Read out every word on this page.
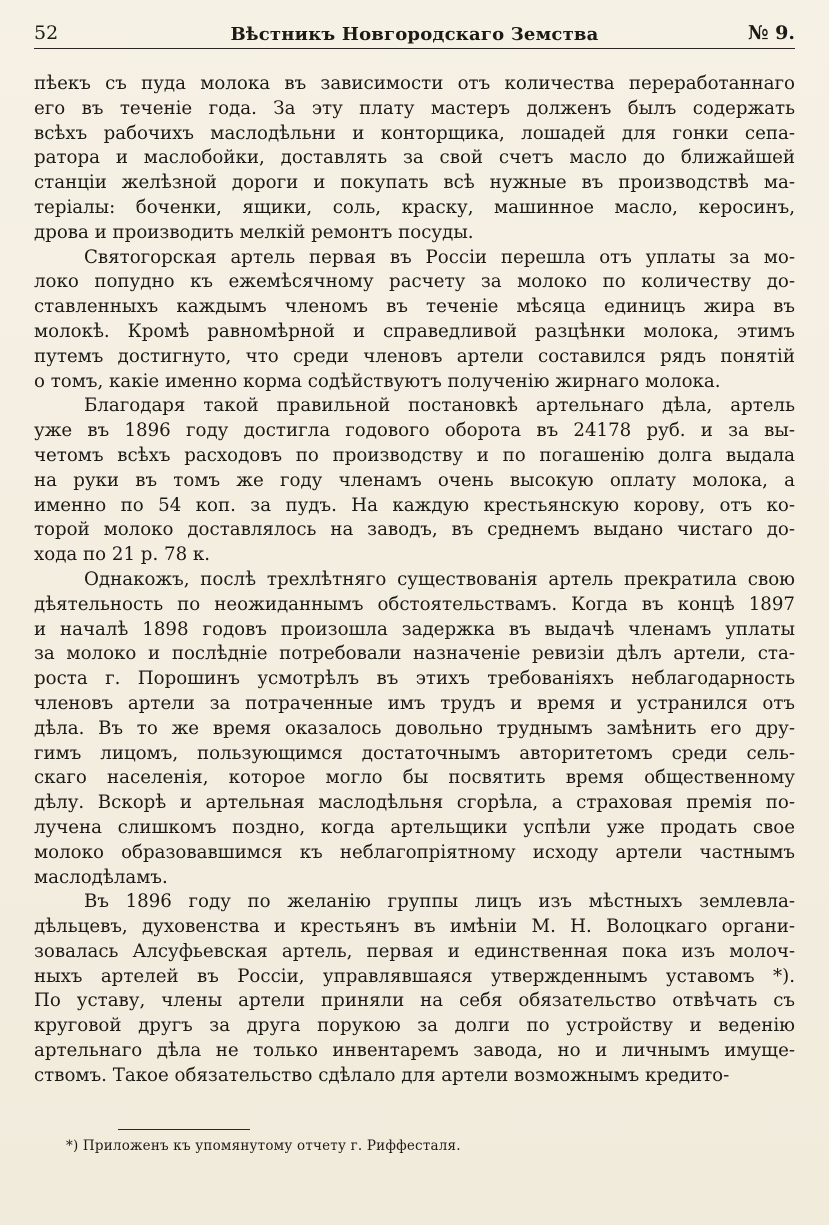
52	Вѣстникъ Новгородскаго Земства	№ 9.
пѣекъ съ пуда молока въ зависимости отъ количества переработаннаго
его въ теченіе года. За эту плату мастеръ долженъ былъ содержать
всѣхъ рабочихъ маслодѣльни и конторщика, лошадей для гонки сепа-
ратора и маслобойки, доставлять за свой счетъ масло до ближайшей
станціи желѣзной дороги и покупать всѣ нужные въ производствѣ ма-
теріалы: боченки, ящики, соль, краску, машинное масло, керосинъ,
дрова и производить мелкій ремонтъ посуды.
Святогорская артель первая въ Россіи перешла отъ уплаты за мо-
локо попудно къ ежемѣсячному расчету за молоко по количеству до-
ставленныхъ каждымъ членомъ въ теченіе мѣсяца единицъ жира въ
молокѣ. Кромѣ равномѣрной и справедливой разцѣнки молока, этимъ
путемъ достигнуто, что среди членовъ артели составился рядъ понятій
о томъ, какіе именно корма содѣйствуютъ полученію жирнаго молока.
Благодаря такой правильной постановкѣ артельнаго дѣла, артель
уже въ 1896 году достигла годового оборота въ 24178 руб. и за вы-
четомъ всѣхъ расходовъ по производству и по погашенію долга выдала
на руки въ томъ же году членамъ очень высокую оплату молока, а
именно по 54 коп. за пудъ. На каждую крестьянскую корову, отъ ко-
торой молоко доставлялось на заводъ, въ среднемъ выдано чистаго до-
хода по 21 р. 78 к.
Однакожъ, послѣ трехлѣтняго существованія артель прекратила свою
дѣятельность по неожиданнымъ обстоятельствамъ. Когда въ концѣ 1897
и началѣ 1898 годовъ произошла задержка въ выдачѣ членамъ уплаты
за молоко и послѣдніе потребовали назначеніе ревизіи дѣлъ артели, ста-
роста г. Порошинъ усмотрѣлъ въ этихъ требованіяхъ неблагодарность
членовъ артели за потраченные имъ трудъ и время и устранился отъ
дѣла. Въ то же время оказалось довольно труднымъ замѣнить его дру-
гимъ лицомъ, пользующимся достаточнымъ авторитетомъ среди сель-
скаго населенія, которое могло бы посвятить время общественному
дѣлу. Вскорѣ и артельная маслодѣльня сгорѣла, а страховая премія по-
лучена слишкомъ поздно, когда артельщики успѣли уже продать свое
молоко образовавшимся къ неблагопріятному исходу артели частнымъ
маслодѣламъ.
Въ 1896 году по желанію группы лицъ изъ мѣстныхъ землевла-
дѣльцевъ, духовенства и крестьянъ въ имѣніи М. Н. Волоцкаго органи-
зовалась Алсуфьевская артель, первая и единственная пока изъ молоч-
ныхъ артелей въ Россіи, управлявшаяся утвержденнымъ уставомъ *).
По уставу, члены артели приняли на себя обязательство отвѣчать съ
круговой другъ за друга порукою за долги по устройству и веденію
артельнаго дѣла не только инвентаремъ завода, но и личнымъ имуще-
ствомъ. Такое обязательство сдѣлало для артели возможнымъ кредито-
*) Приложенъ къ упомянутому отчету г. Риффесталя.
